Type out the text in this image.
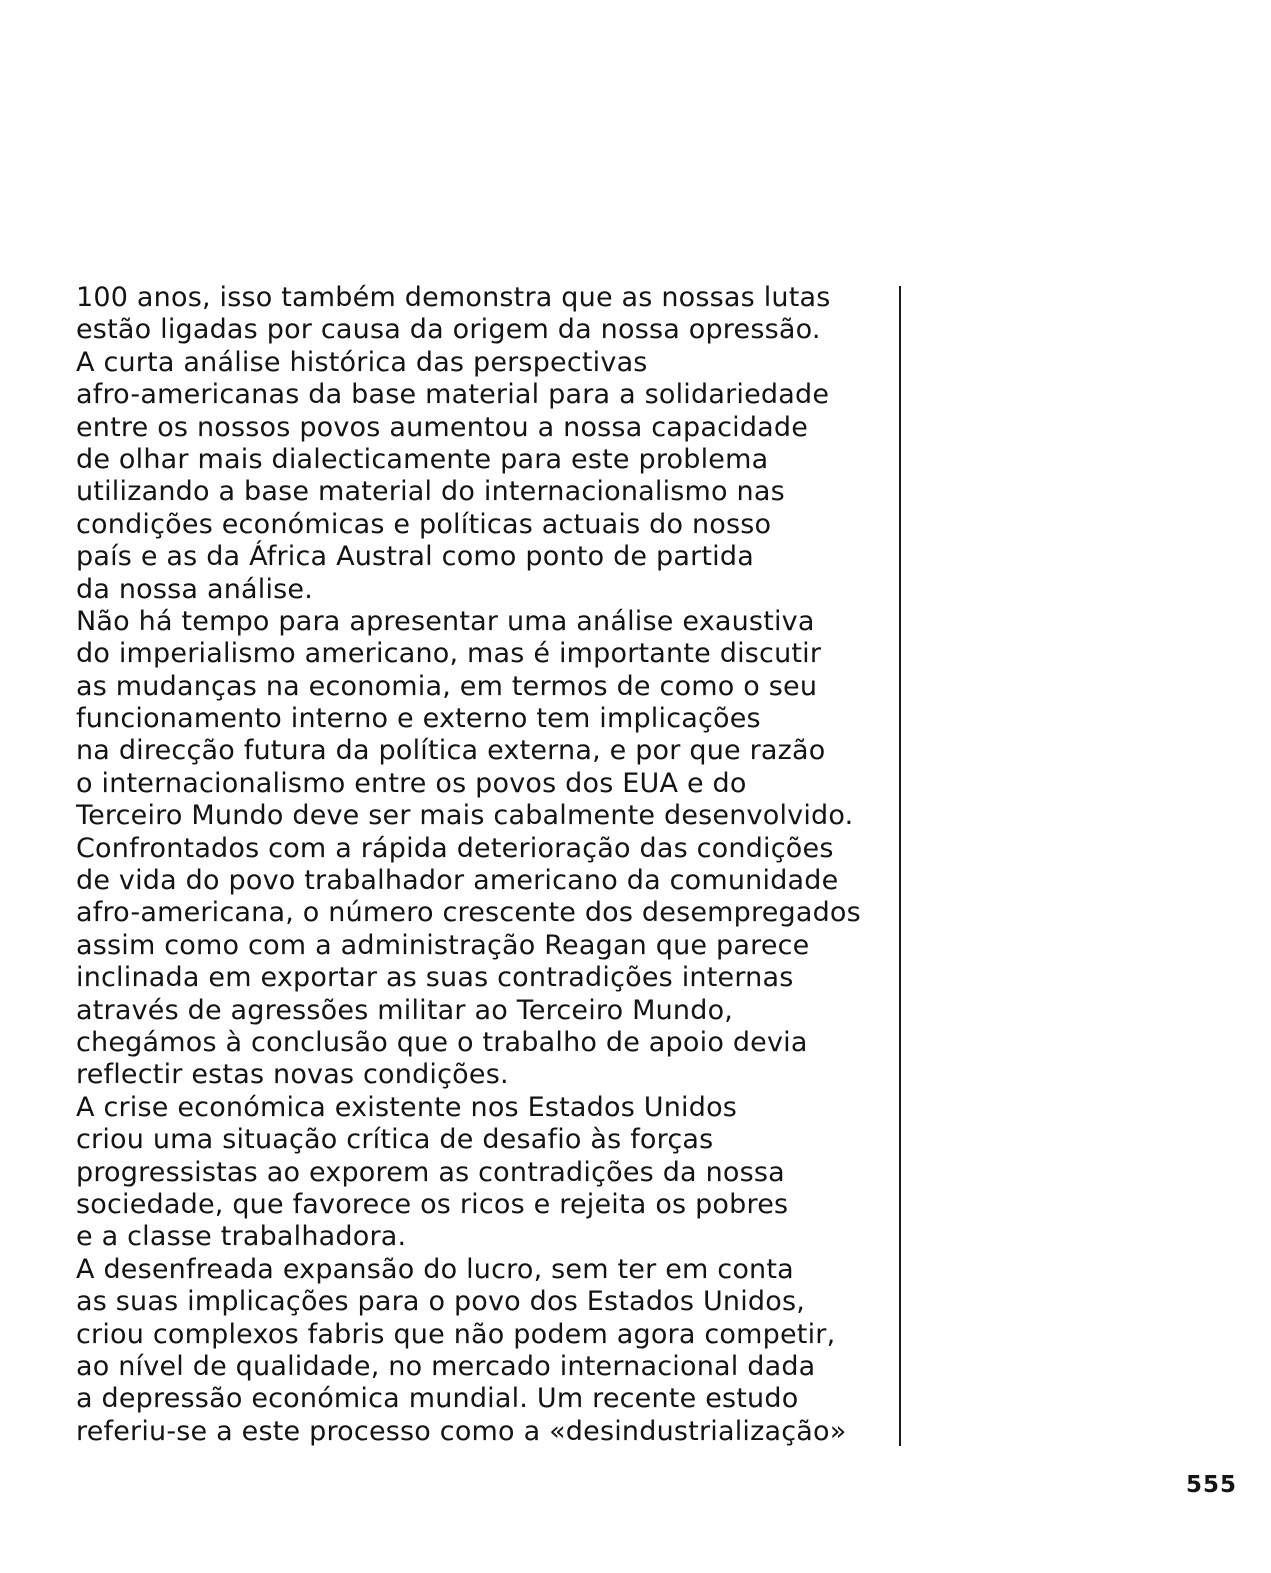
100 anos, isso também demonstra que as nossas lutas
estão ligadas por causa da origem da nossa opressão.
A curta análise histórica das perspectivas
afro-americanas da base material para a solidariedade
entre os nossos povos aumentou a nossa capacidade
de olhar mais dialecticamente para este problema
utilizando a base material do internacionalismo nas
condições económicas e políticas actuais do nosso
país e as da África Austral como ponto de partida
da nossa análise.
Não há tempo para apresentar uma análise exaustiva
do imperialismo americano, mas é importante discutir
as mudanças na economia, em termos de como o seu
funcionamento interno e externo tem implicações
na direcção futura da política externa, e por que razão
o internacionalismo entre os povos dos EUA e do
Terceiro Mundo deve ser mais cabalmente desenvolvido.
Confrontados com a rápida deterioração das condições
de vida do povo trabalhador americano da comunidade
afro-americana, o número crescente dos desempregados
assim como com a administração Reagan que parece
inclinada em exportar as suas contradições internas
através de agressões militar ao Terceiro Mundo,
chegámos à conclusão que o trabalho de apoio devia
reflectir estas novas condições.
A crise económica existente nos Estados Unidos
criou uma situação crítica de desafio às forças
progressistas ao exporem as contradições da nossa
sociedade, que favorece os ricos e rejeita os pobres
e a classe trabalhadora.
A desenfreada expansão do lucro, sem ter em conta
as suas implicações para o povo dos Estados Unidos,
criou complexos fabris que não podem agora competir,
ao nível de qualidade, no mercado internacional dada
a depressão económica mundial. Um recente estudo
referiu-se a este processo como a «desindustrialização»
555
